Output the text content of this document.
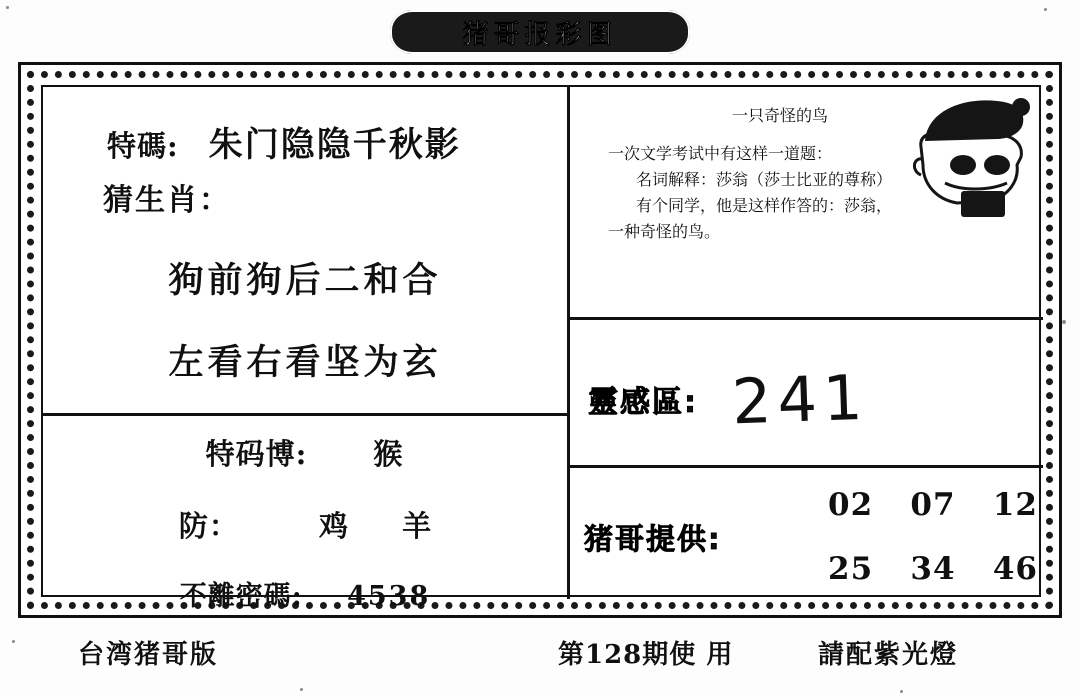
猪哥报彩图
特碼: 朱门隐隐千秋影
猜生肖：
狗前狗后二和合
左看右看坚为玄
特码博: 猴
防：	鸡 羊
不離密碼: 4538
一只奇怪的鸟

一次文学考试中有这样一道题：

名词解释：莎翁（莎士比亚的尊称）

有个同学，他是这样作答的：莎翁，

一种奇怪的鸟。

靈感區: 241
猪哥提供:
02 07 12
25 34 46
台湾猪哥版	第128期使 用	請配紫光燈
